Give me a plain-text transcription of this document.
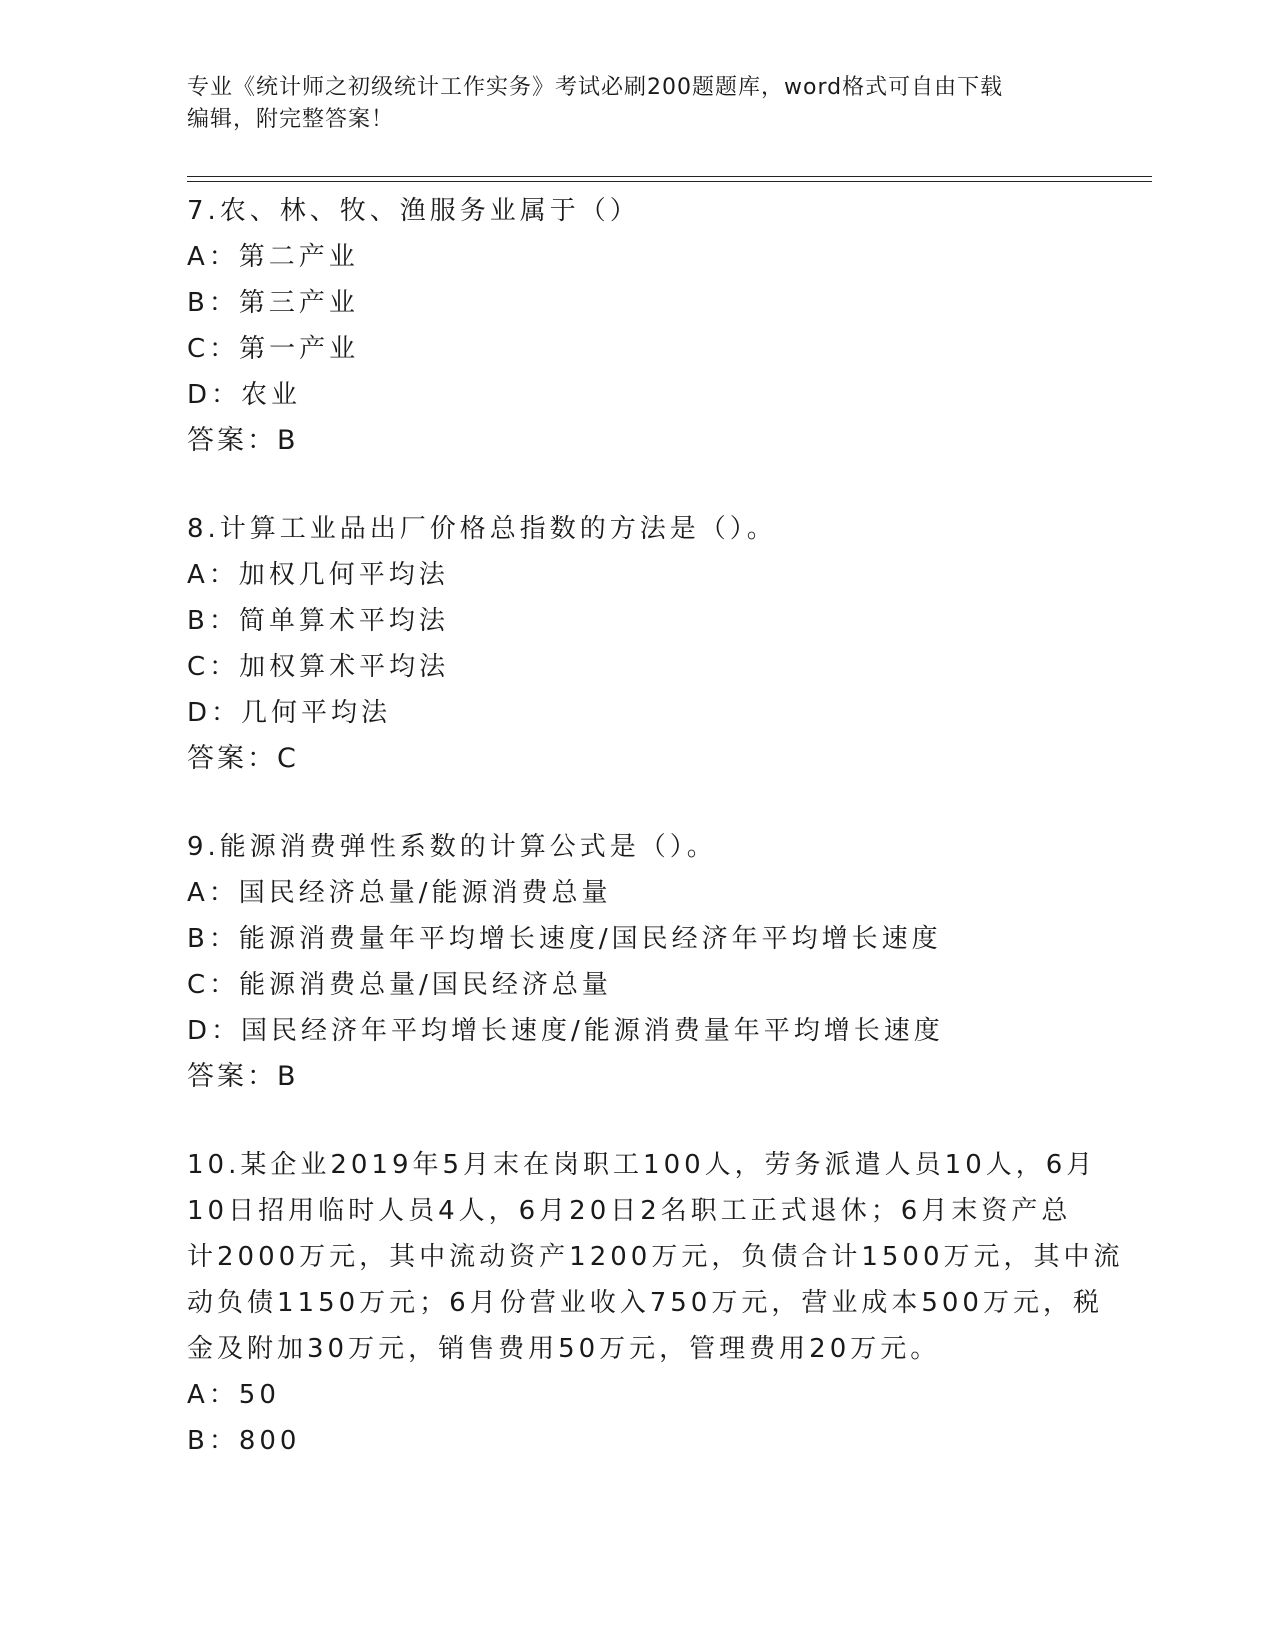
专业《统计师之初级统计工作实务》考试必刷200题题库，word格式可自由下载
编辑，附完整答案！
7.农、林、牧、渔服务业属于（）
A：第二产业
B：第三产业
C：第一产业
D：农业
答案：B
8.计算工业品出厂价格总指数的方法是（）。
A：加权几何平均法
B：简单算术平均法
C：加权算术平均法
D：几何平均法
答案：C
9.能源消费弹性系数的计算公式是（）。
A：国民经济总量/能源消费总量
B：能源消费量年平均增长速度/国民经济年平均增长速度
C：能源消费总量/国民经济总量
D：国民经济年平均增长速度/能源消费量年平均增长速度
答案：B
10.某企业2019年5月末在岗职工100人，劳务派遣人员10人，6月
10日招用临时人员4人，6月20日2名职工正式退休；6月末资产总
计2000万元，其中流动资产1200万元，负债合计1500万元，其中流
动负债1150万元；6月份营业收入750万元，营业成本500万元，税
金及附加30万元，销售费用50万元，管理费用20万元。
A：50
B：800
